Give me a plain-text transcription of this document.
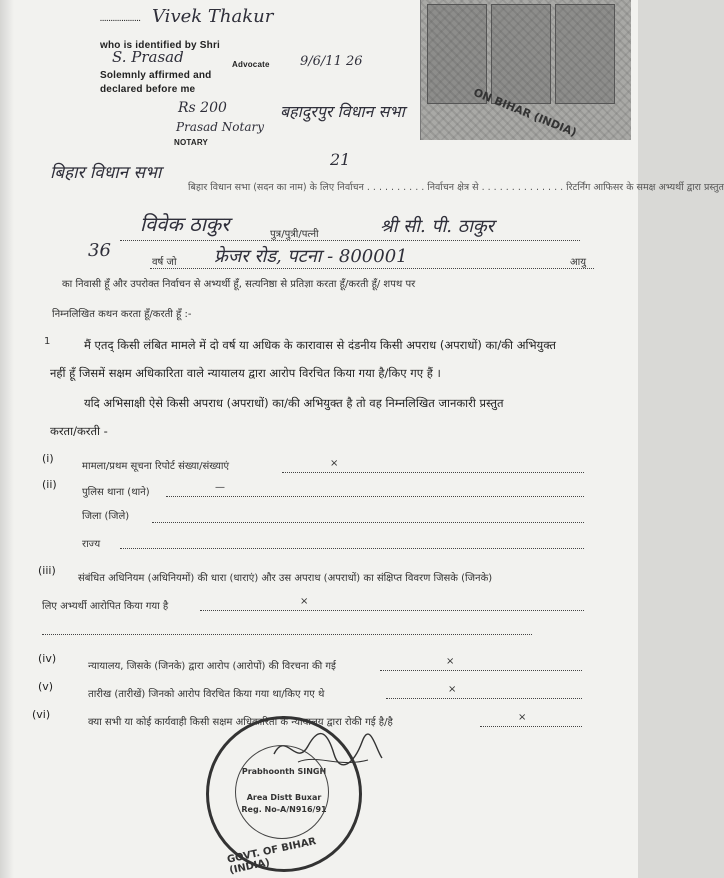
ON BIHAR (INDIA)
Vivek Thakur
...................
who is identified by Shri
S. Prasad	Advocate 9/6/11 26
Solemnly affirmed and
declared before me
Rs 200	बहादुरपुर विधान सभा
Prasad Notary
NOTARY
21
बिहार विधान सभा
बिहार विधान सभा (सदन का नाम) के लिए निर्वाचन . . . . . . . . . . निर्वाचन क्षेत्र से . . . . . . . . . . . . . . रिटर्निंग आफिसर के समक्ष अभ्यर्थी द्वारा प्रस्तुत
विवेक ठाकुर	पुत्र/पुत्री/पत्नी	श्री सी. पी. ठाकुर
36
वर्ष जो फ्रेजर रोड, पटना - 800001	आयु
का निवासी हूँ और उपरोक्त निर्वाचन से अभ्यर्थी हूँ, सत्यनिष्ठा से प्रतिज्ञा करता हूँ/करती हूँ/ शपथ पर
निम्नलिखित कथन करता हूँ/करती हूँ :-
1	मैं एतद् किसी लंबित मामले में दो वर्ष या अधिक के कारावास से दंडनीय किसी अपराध (अपराधों) का/की अभियुक्त
नहीं हूँ जिसमें सक्षम अधिकारिता वाले न्यायालय द्वारा आरोप विरचित किया गया है/किए गए हैं ।
यदि अभिसाक्षी ऐसे किसी अपराध (अपराधों) का/की अभियुक्त है तो वह निम्नलिखित जानकारी प्रस्तुत
करता/करती -
(i)
मामला/प्रथम सूचना रिपोर्ट संख्या/संख्याएं	×
(ii)
पुलिस थाना (थाने)	—
जिला (जिले)
राज्य
(iii)
संबंधित अधिनियम (अधिनियमों) की धारा (धाराएं) और उस अपराध (अपराधों) का संक्षिप्त विवरण जिसके (जिनके)
लिए अभ्यर्थी आरोपित किया गया है	×
(iv)
न्यायालय, जिसके (जिनके) द्वारा आरोप (आरोपों) की विरचना की गई	×
(v)
तारीख (तारीखें) जिनको आरोप विरचित किया गया था/किए गए थे	×
(vi)
क्या सभी या कोई कार्यवाही किसी सक्षम अधिकारिता के न्यायालय द्वारा रोकी गई है/है	×
Prabhoonth SINGH
Area Distt Buxar
Reg. No-A/N916/91
GOVT. OF BIHAR (INDIA)
